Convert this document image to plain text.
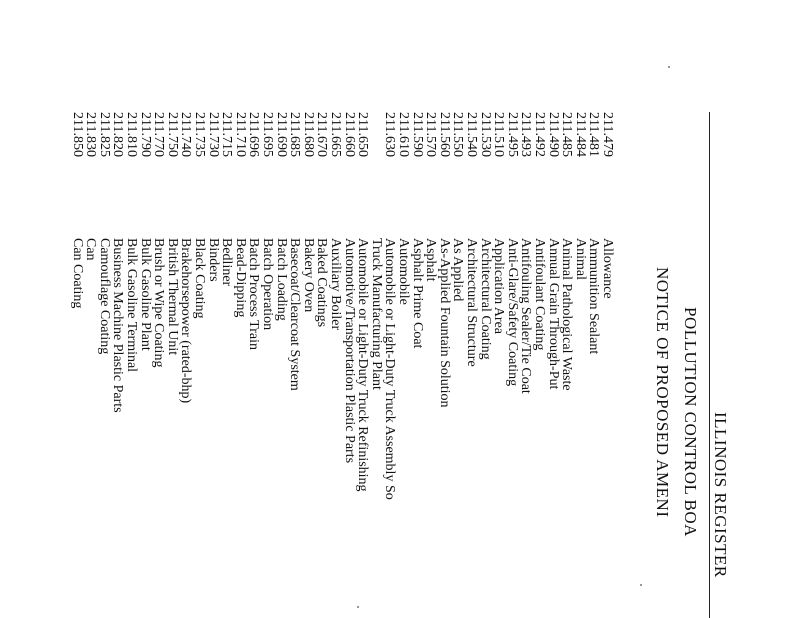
ILLINOIS REGISTER
POLLUTION CONTROL BOA
NOTICE OF PROPOSED AMENI
211.479
Allowance
211.481
Ammunition Sealant
211.484
Animal
211.485
Animal Pathological Waste
211.490
Annual Grain Through-Put
211.492
Antifoulant Coating
211.493
Antifouling Sealer/Tie Coat
211.495
Anti-Glare/Safety Coating
211.510
Application Area
211.530
Architectural Coating
211.540
Architectural Structure
211.550
As Applied
211.560
As-Applied Fountain Solution
211.570
Asphalt
211.590
Asphalt Prime Coat
211.610
Automobile
211.630
Automobile or Light-Duty Truck Assembly So
Truck Manufacturing Plant
211.650
Automobile or Light-Duty Truck Refinishing
211.660
Automotive/Transportation Plastic Parts
211.665
Auxiliary Boiler
211.670
Baked Coatings
211.680
Bakery Oven
211.685
Basecoat/Clearcoat System
211.690
Batch Loading
211.695
Batch Operation
211.696
Batch Process Train
211.710
Bead-Dipping
211.715
Bedliner
211.730
Binders
211.735
Black Coating
211.740
Brakehorsepower (rated-bhp)
211.750
British Thermal Unit
211.770
Brush or Wipe Coating
211.790
Bulk Gasoline Plant
211.810
Bulk Gasoline Terminal
211.820
Business Machine Plastic Parts
211.825
Camouflage Coating
211.830
Can
211.850
Can Coating
